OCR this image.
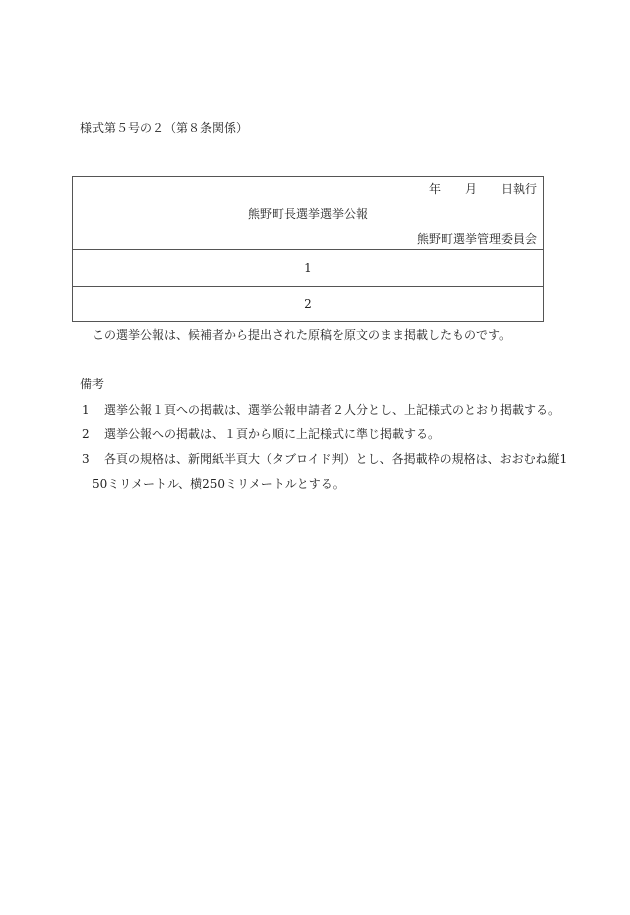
様式第５号の２（第８条関係）
年　　月　　日執行
熊野町長選挙選挙公報
熊野町選挙管理委員会
1
2
この選挙公報は、候補者から提出された原稿を原文のまま掲載したものです。
備考
1 選挙公報１頁への掲載は、選挙公報申請者２人分とし、上記様式のとおり掲載する。
2 選挙公報への掲載は、１頁から順に上記様式に準じ掲載する。
3 各頁の規格は、新聞紙半頁大（タブロイド判）とし、各掲載枠の規格は、おおむね縦1
50ミリメートル、横250ミリメートルとする。
